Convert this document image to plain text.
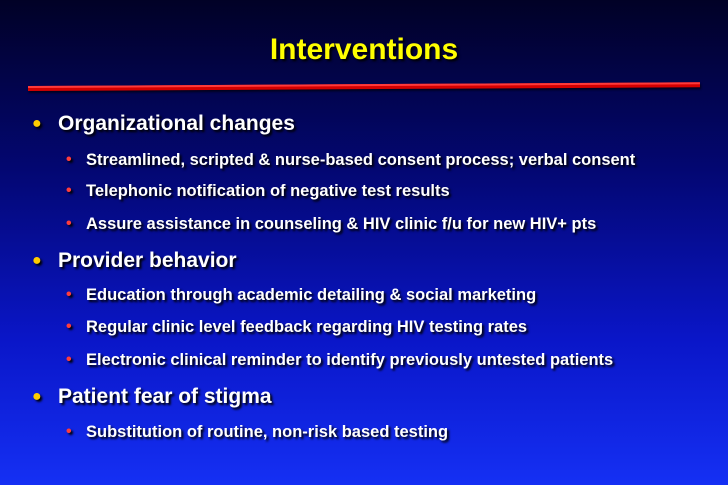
Interventions
● Organizational changes
• Streamlined, scripted & nurse-based consent process; verbal consent
• Telephonic notification of negative test results
• Assure assistance in counseling & HIV clinic f/u for new HIV+ pts
● Provider behavior
• Education through academic detailing & social marketing
• Regular clinic level feedback regarding HIV testing rates
• Electronic clinical reminder to identify previously untested patients
● Patient fear of stigma
• Substitution of routine, non-risk based testing
